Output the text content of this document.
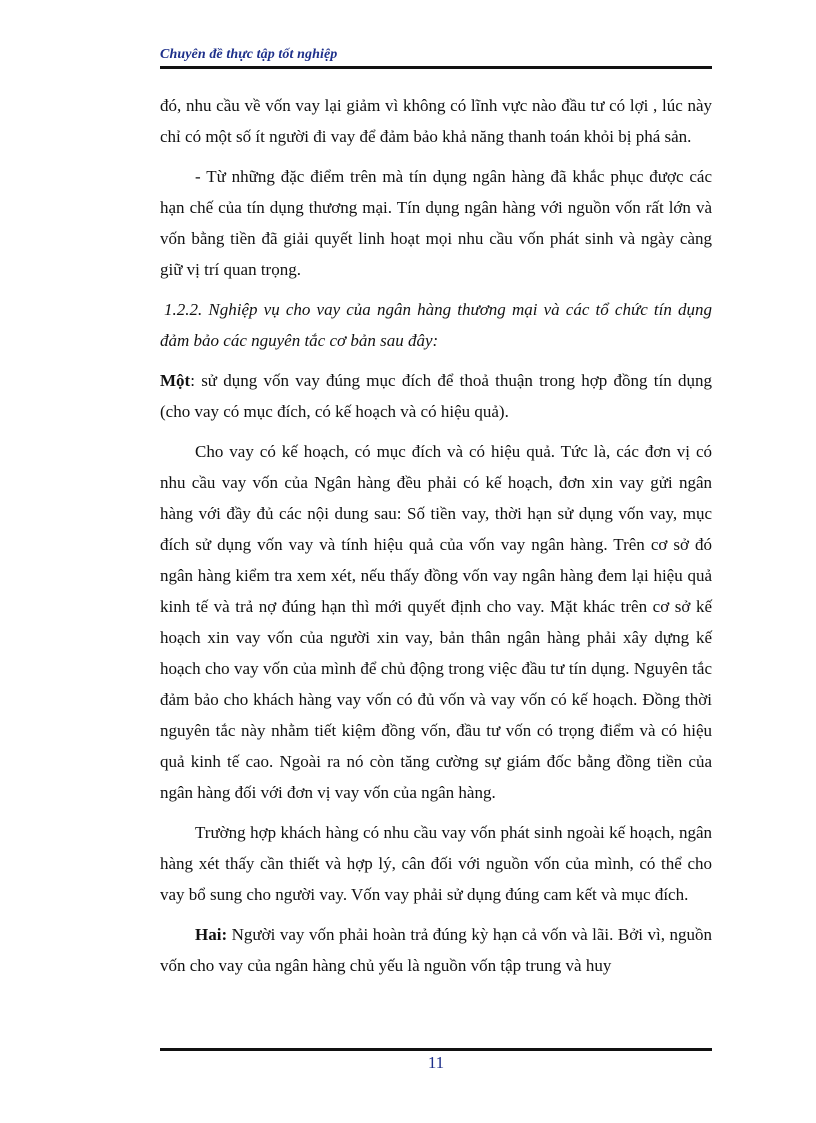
Chuyên đề thực tập tốt nghiệp

đó, nhu cầu về vốn vay lại giảm vì không có lĩnh vực nào đầu tư có lợi , lúc này chỉ có một số ít người đi vay để đảm bảo khả năng thanh toán khỏi bị phá sản.

- Từ những đặc điểm trên mà tín dụng ngân hàng đã khắc phục được các hạn chế của tín dụng thương mại. Tín dụng ngân hàng với nguồn vốn rất lớn và vốn bằng tiền đã giải quyết linh hoạt mọi nhu cầu vốn phát sinh và ngày càng giữ vị trí quan trọng.

1.2.2. Nghiệp vụ cho vay của ngân hàng thương mại và các tổ chức tín dụng đảm bảo các nguyên tắc cơ bản sau đây:

Một: sử dụng vốn vay đúng mục đích để thoả thuận trong hợp đồng tín dụng (cho vay có mục đích, có kế hoạch và có hiệu quả).

Cho vay có kế hoạch, có mục đích và có hiệu quả. Tức là, các đơn vị có nhu cầu vay vốn của Ngân hàng đều phải có kế hoạch, đơn xin vay gửi ngân hàng với đầy đủ các nội dung sau: Số tiền vay, thời hạn sử dụng vốn vay, mục đích sử dụng vốn vay và tính hiệu quả của vốn vay ngân hàng. Trên cơ sở đó ngân hàng kiểm tra xem xét, nếu thấy đồng vốn vay ngân hàng đem lại hiệu quả kinh tế và trả nợ đúng hạn thì mới quyết định cho vay. Mặt khác trên cơ sở kế hoạch xin vay vốn của người xin vay, bản thân ngân hàng phải xây dựng kế hoạch cho vay vốn của mình để chủ động trong việc đầu tư tín dụng. Nguyên tắc đảm bảo cho khách hàng vay vốn có đủ vốn và vay vốn có kế hoạch. Đồng thời nguyên tắc này nhằm tiết kiệm đồng vốn, đầu tư vốn có trọng điểm và có hiệu quả kinh tế cao. Ngoài ra nó còn tăng cường sự giám đốc bằng đồng tiền của ngân hàng đối với đơn vị vay vốn của ngân hàng.

Trường hợp khách hàng có nhu cầu vay vốn phát sinh ngoài kế hoạch, ngân hàng xét thấy cần thiết và hợp lý, cân đối với nguồn vốn của mình, có thể cho vay bổ sung cho người vay. Vốn vay phải sử dụng đúng cam kết và mục đích.

Hai: Người vay vốn phải hoàn trả đúng kỳ hạn cả vốn và lãi. Bởi vì, nguồn vốn cho vay của ngân hàng chủ yếu là nguồn vốn tập trung và huy

11
